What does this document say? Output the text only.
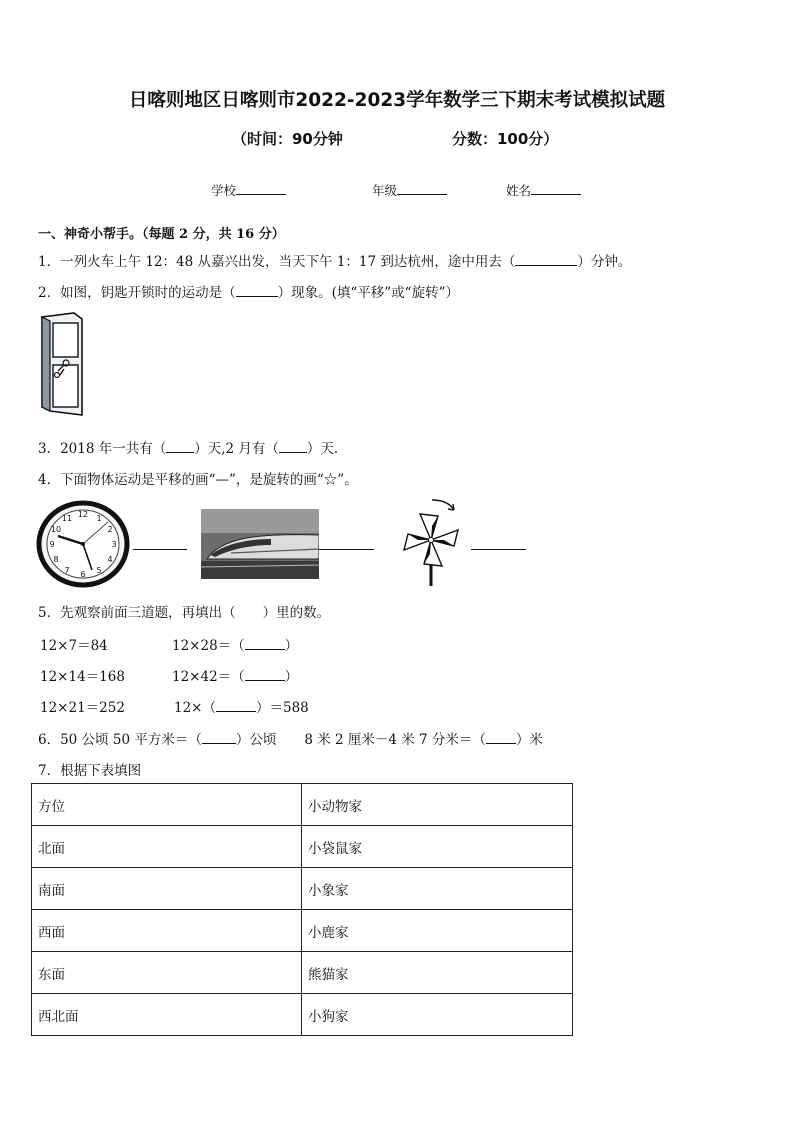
日喀则地区日喀则市2022-2023学年数学三下期末考试模拟试题
（时间：90分钟	分数：100分）
学校	年级	姓名
一、神奇小帮手。（每题 2 分，共 16 分）
1．一列火车上午 12：48 从嘉兴出发，当天下午 1：17 到达杭州，途中用去（	）分钟。
2．如图，钥匙开锁时的运动是（	）现象。(填“平移”或“旋转”）
3．2018 年一共有（ ）天,2 月有（ ）天．
4．下面物体运动是平移的画“—”，是旋转的画“☆”。
12 1
2
3
4
5
6
7
8
9
10
11
5．先观察前面三道题，再填出（　　）里的数。
12×7＝84
12×14＝168
12×21＝252
12×28＝（	）
12×42＝（	）
12×（	）＝588
6．50 公顷 50 平方米＝（	）公顷 8 米 2 厘米－4 米 7 分米＝（ ）米
7．根据下表填图
方位	小动物家
北面	小袋鼠家
南面	小象家
西面	小鹿家
东面	熊猫家
西北面	小狗家
